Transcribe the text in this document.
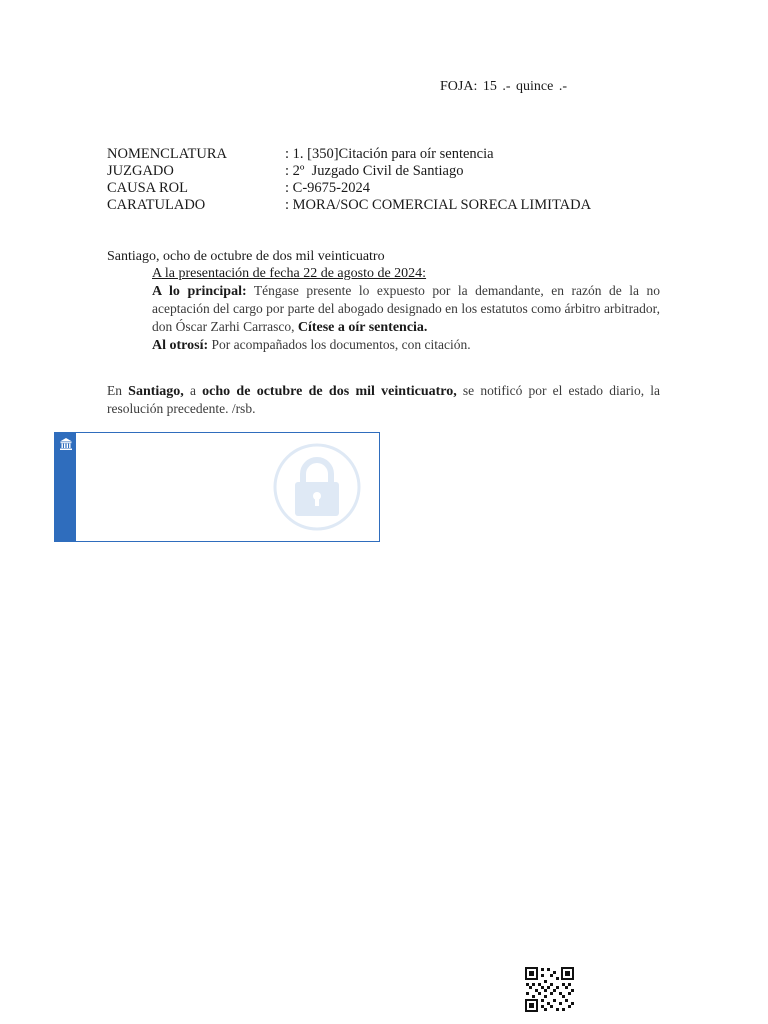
FOJA: 15 .- quince .-
NOMENCLATURA	: 1. [350]Citación para oír sentencia
JUZGADO	: 2º  Juzgado Civil de Santiago
CAUSA ROL	: C-9675-2024
CARATULADO	: MORA/SOC COMERCIAL SORECA LIMITADA
Santiago, ocho de octubre de dos mil veinticuatro
A la presentación de fecha 22 de agosto de 2024:
A lo principal: Téngase presente lo expuesto por la demandante, en razón de la no aceptación del cargo por parte del abogado designado en los estatutos como árbitro arbitrador, don Óscar Zarhi Carrasco, Cítese a oír sentencia.
Al otrosí: Por acompañados los documentos, con citación.
En Santiago, a ocho de octubre de dos mil veinticuatro, se notificó por el estado diario, la resolución precedente. /rsb.
